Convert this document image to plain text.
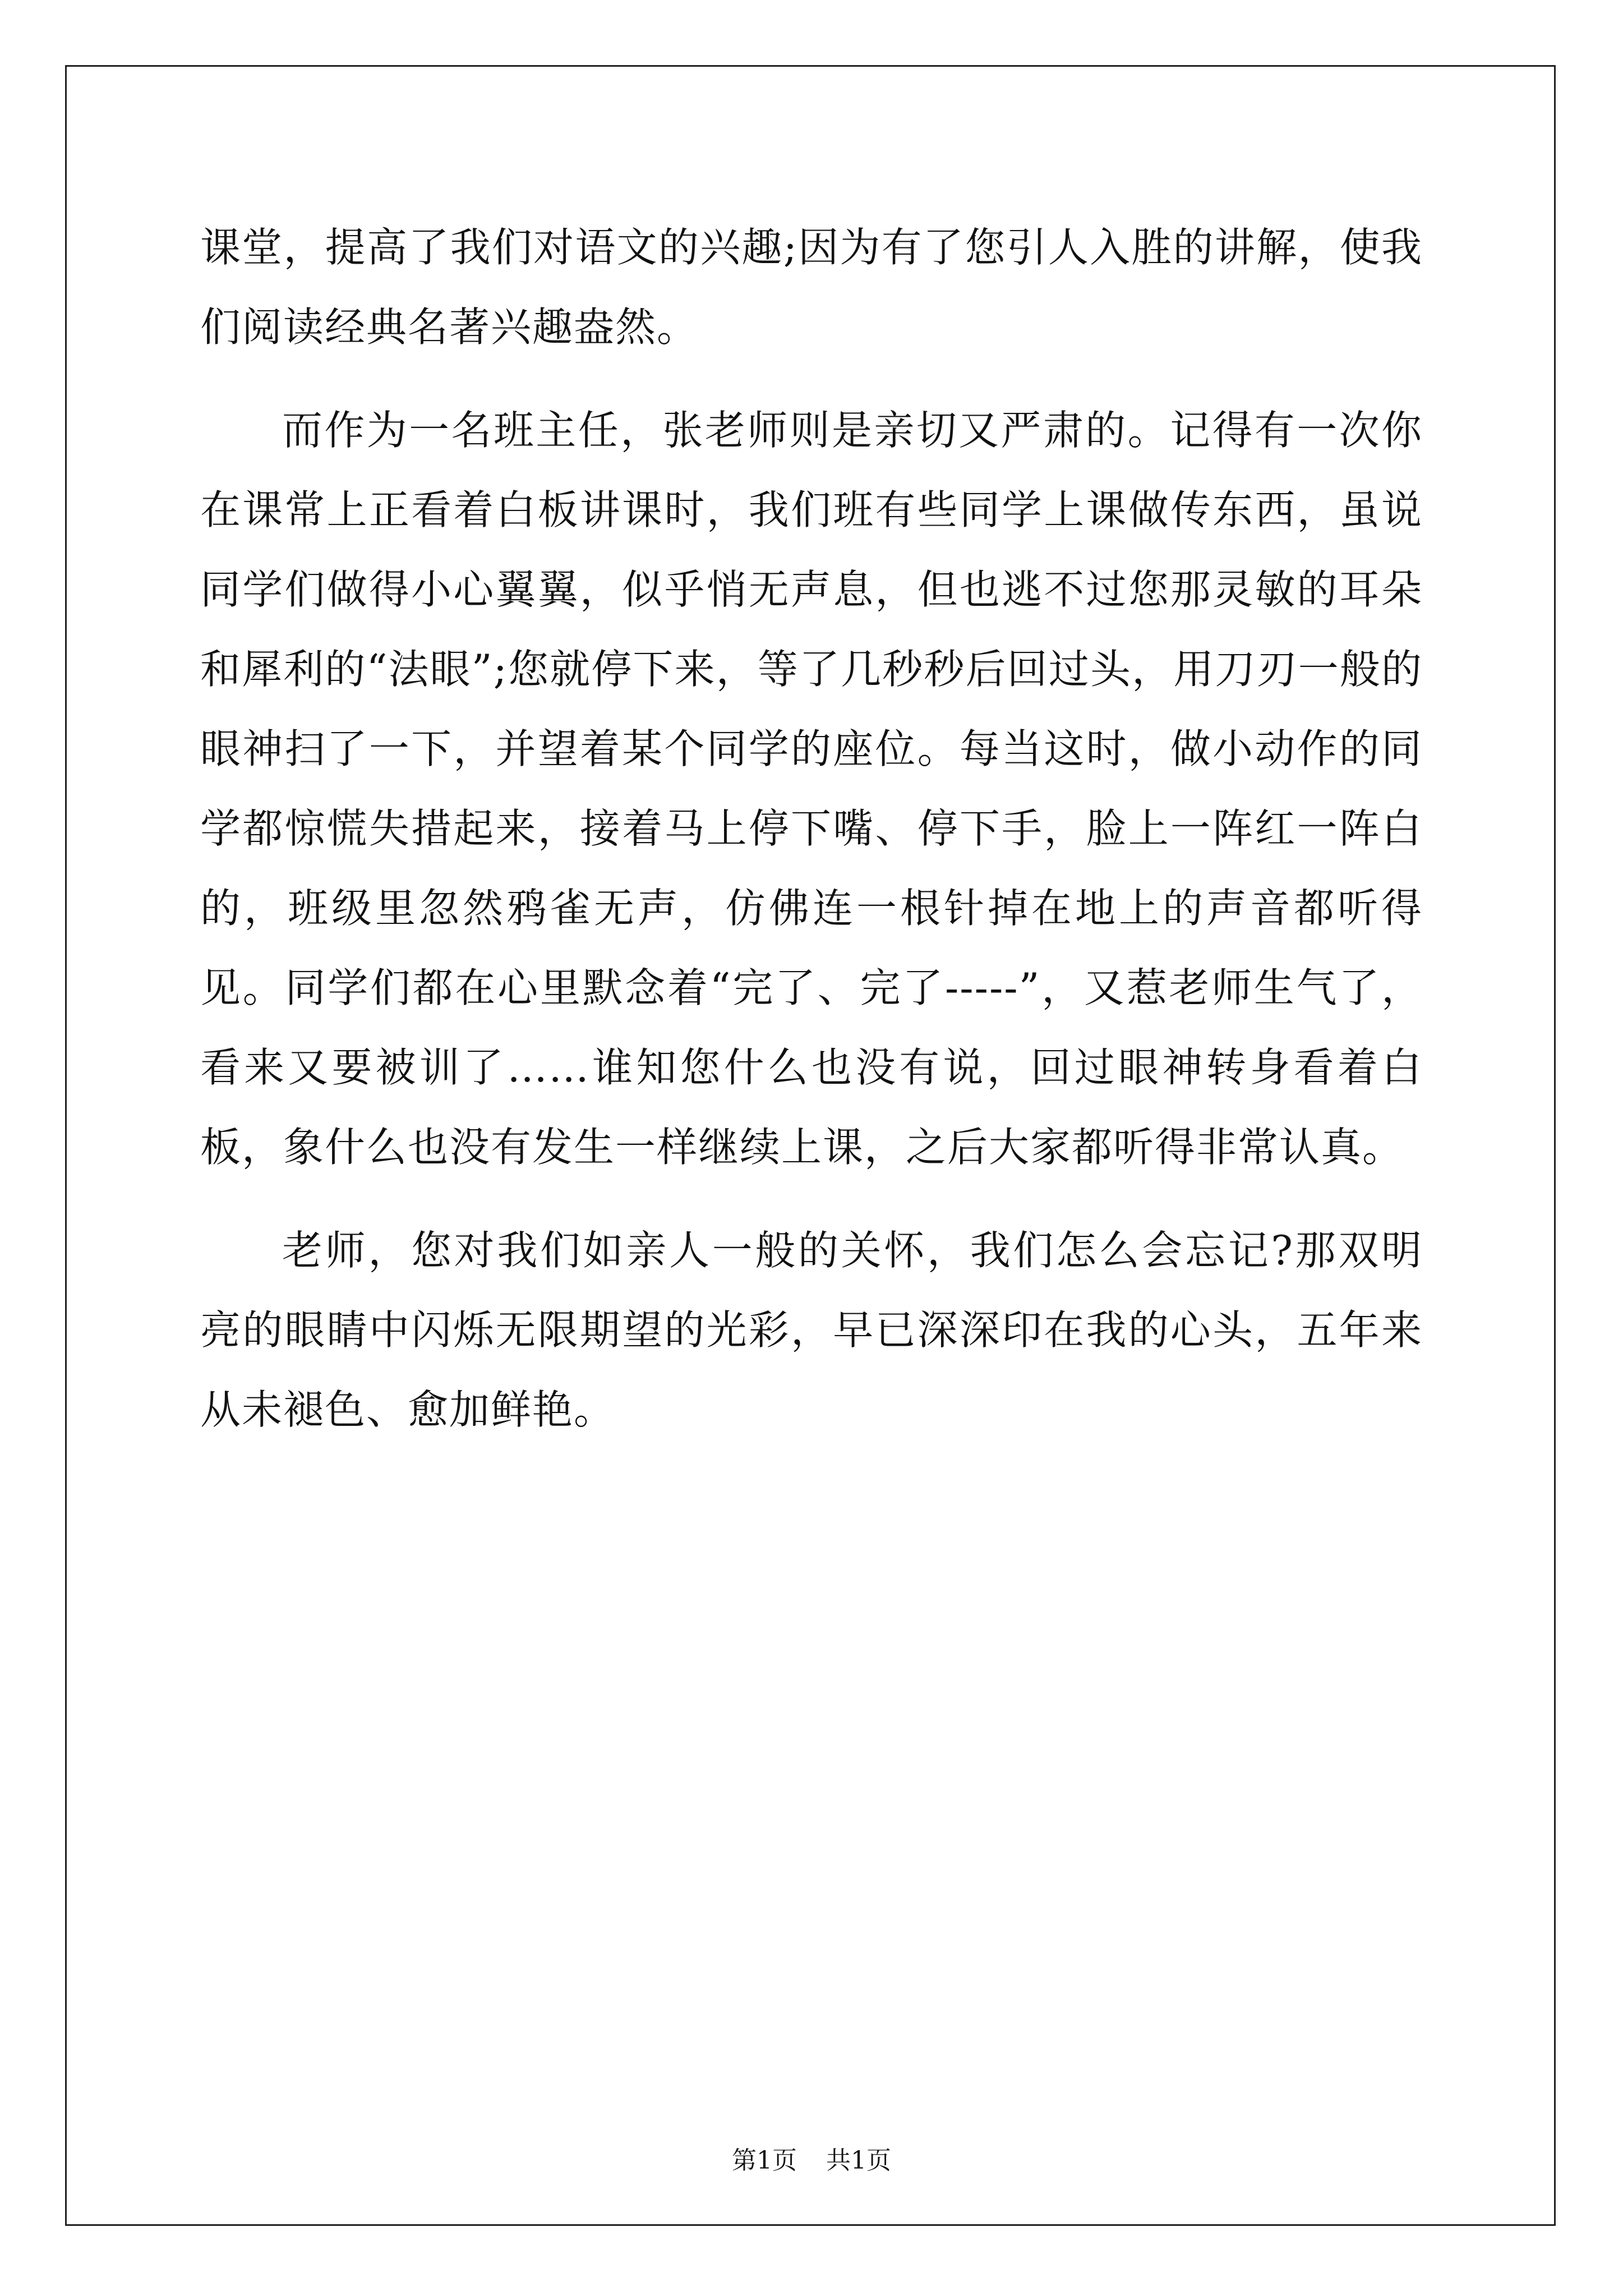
课堂，提高了我们对语文的兴趣;因为有了您引人入胜的讲解，使我们阅读经典名著兴趣盎然。

而作为一名班主任，张老师则是亲切又严肃的。记得有一次你在课常上正看着白板讲课时，我们班有些同学上课做传东西，虽说同学们做得小心翼翼，似乎悄无声息，但也逃不过您那灵敏的耳朵和犀利的“法眼”;您就停下来，等了几秒秒后回过头，用刀刃一般的眼神扫了一下，并望着某个同学的座位。每当这时，做小动作的同学都惊慌失措起来，接着马上停下嘴、停下手，脸上一阵红一阵白的，班级里忽然鸦雀无声，仿佛连一根针掉在地上的声音都听得见。同学们都在心里默念着“完了、完了-----”，又惹老师生气了，看来又要被训了……谁知您什么也没有说，回过眼神转身看着白板，象什么也没有发生一样继续上课，之后大家都听得非常认真。

老师，您对我们如亲人一般的关怀，我们怎么会忘记?那双明亮的眼睛中闪烁无限期望的光彩，早已深深印在我的心头，五年来从未褪色、愈加鲜艳。

第1页 共1页
